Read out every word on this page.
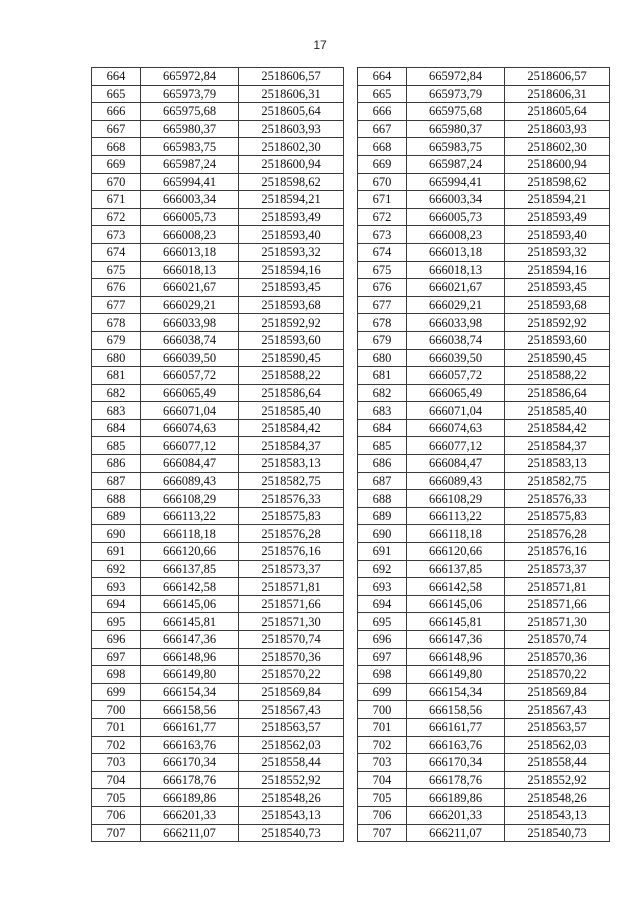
17
664	665972,84	2518606,57
665	665973,79	2518606,31
666	665975,68	2518605,64
667	665980,37	2518603,93
668	665983,75	2518602,30
669	665987,24	2518600,94
670	665994,41	2518598,62
671	666003,34	2518594,21
672	666005,73	2518593,49
673	666008,23	2518593,40
674	666013,18	2518593,32
675	666018,13	2518594,16
676	666021,67	2518593,45
677	666029,21	2518593,68
678	666033,98	2518592,92
679	666038,74	2518593,60
680	666039,50	2518590,45
681	666057,72	2518588,22
682	666065,49	2518586,64
683	666071,04	2518585,40
684	666074,63	2518584,42
685	666077,12	2518584,37
686	666084,47	2518583,13
687	666089,43	2518582,75
688	666108,29	2518576,33
689	666113,22	2518575,83
690	666118,18	2518576,28
691	666120,66	2518576,16
692	666137,85	2518573,37
693	666142,58	2518571,81
694	666145,06	2518571,66
695	666145,81	2518571,30
696	666147,36	2518570,74
697	666148,96	2518570,36
698	666149,80	2518570,22
699	666154,34	2518569,84
700	666158,56	2518567,43
701	666161,77	2518563,57
702	666163,76	2518562,03
703	666170,34	2518558,44
704	666178,76	2518552,92
705	666189,86	2518548,26
706	666201,33	2518543,13
707	666211,07	2518540,73
664	665972,84	2518606,57
665	665973,79	2518606,31
666	665975,68	2518605,64
667	665980,37	2518603,93
668	665983,75	2518602,30
669	665987,24	2518600,94
670	665994,41	2518598,62
671	666003,34	2518594,21
672	666005,73	2518593,49
673	666008,23	2518593,40
674	666013,18	2518593,32
675	666018,13	2518594,16
676	666021,67	2518593,45
677	666029,21	2518593,68
678	666033,98	2518592,92
679	666038,74	2518593,60
680	666039,50	2518590,45
681	666057,72	2518588,22
682	666065,49	2518586,64
683	666071,04	2518585,40
684	666074,63	2518584,42
685	666077,12	2518584,37
686	666084,47	2518583,13
687	666089,43	2518582,75
688	666108,29	2518576,33
689	666113,22	2518575,83
690	666118,18	2518576,28
691	666120,66	2518576,16
692	666137,85	2518573,37
693	666142,58	2518571,81
694	666145,06	2518571,66
695	666145,81	2518571,30
696	666147,36	2518570,74
697	666148,96	2518570,36
698	666149,80	2518570,22
699	666154,34	2518569,84
700	666158,56	2518567,43
701	666161,77	2518563,57
702	666163,76	2518562,03
703	666170,34	2518558,44
704	666178,76	2518552,92
705	666189,86	2518548,26
706	666201,33	2518543,13
707	666211,07	2518540,73
